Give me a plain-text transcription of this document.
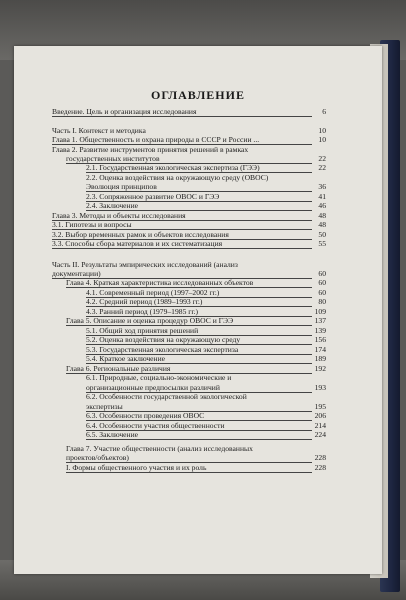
ОГЛАВЛЕНИЕ
Введение. Цель и организация исследования	6
Часть I. Контекст и методика	10
Глава 1. Общественность и охрана природы в СССР и России ...	10
Глава 2. Развитие инструментов принятия решений в рамках
государственных институтов	22
2.1. Государственная экологическая экспертиза (ГЭЭ)	22
2.2. Оценка воздействия на окружающую среду (ОВОС)
Эволюция принципов	36
2.3. Сопряженное развитие ОВОС и ГЭЭ	41
2.4. Заключение	46
Глава 3. Методы и объекты исследования	48
3.1. Гипотезы и вопросы	48
3.2. Выбор временных рамок и объектов исследования	50
3.3. Способы сбора материалов и их систематизация	55
Часть II. Результаты эмпирических исследований (анализ
документации)	60
Глава 4. Краткая характеристика исследованных объектов	60
4.1. Современный период (1997–2002 гг.)	60
4.2. Средний период (1989–1993 гг.)	80
4.3. Ранний период (1979–1985 гг.)	109
Глава 5. Описание и оценка процедур ОВОС и ГЭЭ	137
5.1. Общий ход принятия решений	139
5.2. Оценка воздействия на окружающую среду	156
5.3. Государственная экологическая экспертиза	174
5.4. Краткое заключение	189
Глава 6. Региональные различия	192
6.1. Природные, социально-экономические и
организационные предпосылки различий	193
6.2. Особенности государственной экологической
экспертизы	195
6.3. Особенности проведения ОВОС	206
6.4. Особенности участия общественности	214
6.5. Заключение	224
Глава 7. Участие общественности (анализ исследованных
проектов/объектов)	228
I. Формы общественного участия и их роль	228
